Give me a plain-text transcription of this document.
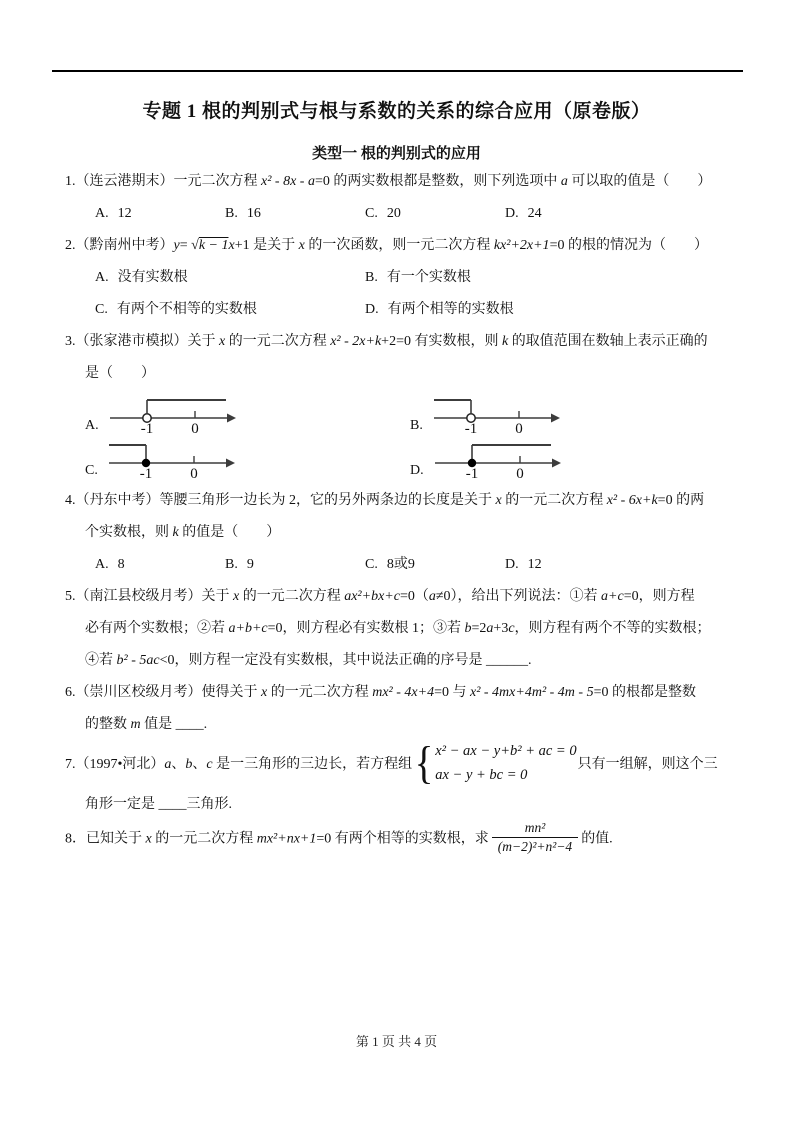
专题 1 根的判别式与根与系数的关系的综合应用（原卷版）
类型一 根的判别式的应用
1.（连云港期末）一元二次方程 x² - 8x - a=0 的两实数根都是整数，则下列选项中 a 可以取的值是（　　）
A. 12	B. 16	C. 20	D. 24
2.（黔南州中考）y= √k − 1x+1 是关于 x 的一次函数，则一元二次方程 kx²+2x+1=0 的根的情况为（　　）
A. 没有实数根	B. 有一个实数根
C. 有两个不相等的实数根	D. 有两个相等的实数根
3.（张家港市模拟）关于 x 的一元二次方程 x² - 2x+k+2=0 有实数根，则 k 的取值范围在数轴上表示正确的
是（　　）
A.	-1	0	B.	-1	0
C.	-1	0	D.	-1	0
4.（丹东中考）等腰三角形一边长为 2，它的另外两条边的长度是关于 x 的一元二次方程 x² - 6x+k=0 的两
个实数根，则 k 的值是（　　）
A. 8	B. 9	C. 8或9	D. 12
5.（南江县校级月考）关于 x 的一元二次方程 ax²+bx+c=0（a≠0），给出下列说法：①若 a+c=0，则方程
必有两个实数根；②若 a+b+c=0，则方程必有实数根 1；③若 b=2a+3c，则方程有两个不等的实数根；
④若 b² - 5ac<0，则方程一定没有实数根，其中说法正确的序号是 ______.
6.（崇川区校级月考）使得关于 x 的一元二次方程 mx² - 4x+4=0 与 x² - 4mx+4m² - 4m - 5=0 的根都是整数
的整数 m 值是 ____.
7.（1997•河北）a、b、c 是一三角形的三边长，若方程组 { x² − ax − y+b² + ac = 0
ax − y + bc = 0
只有一组解，则这个三
角形一定是 ____三角形.
8．已知关于 x 的一元二次方程 mx²+nx+1=0 有两个相等的实数根，求 $\frac{\text{mn²}}{\text{(m−2)²+n²−4}}$ 的值.
第 1 页 共 4 页
